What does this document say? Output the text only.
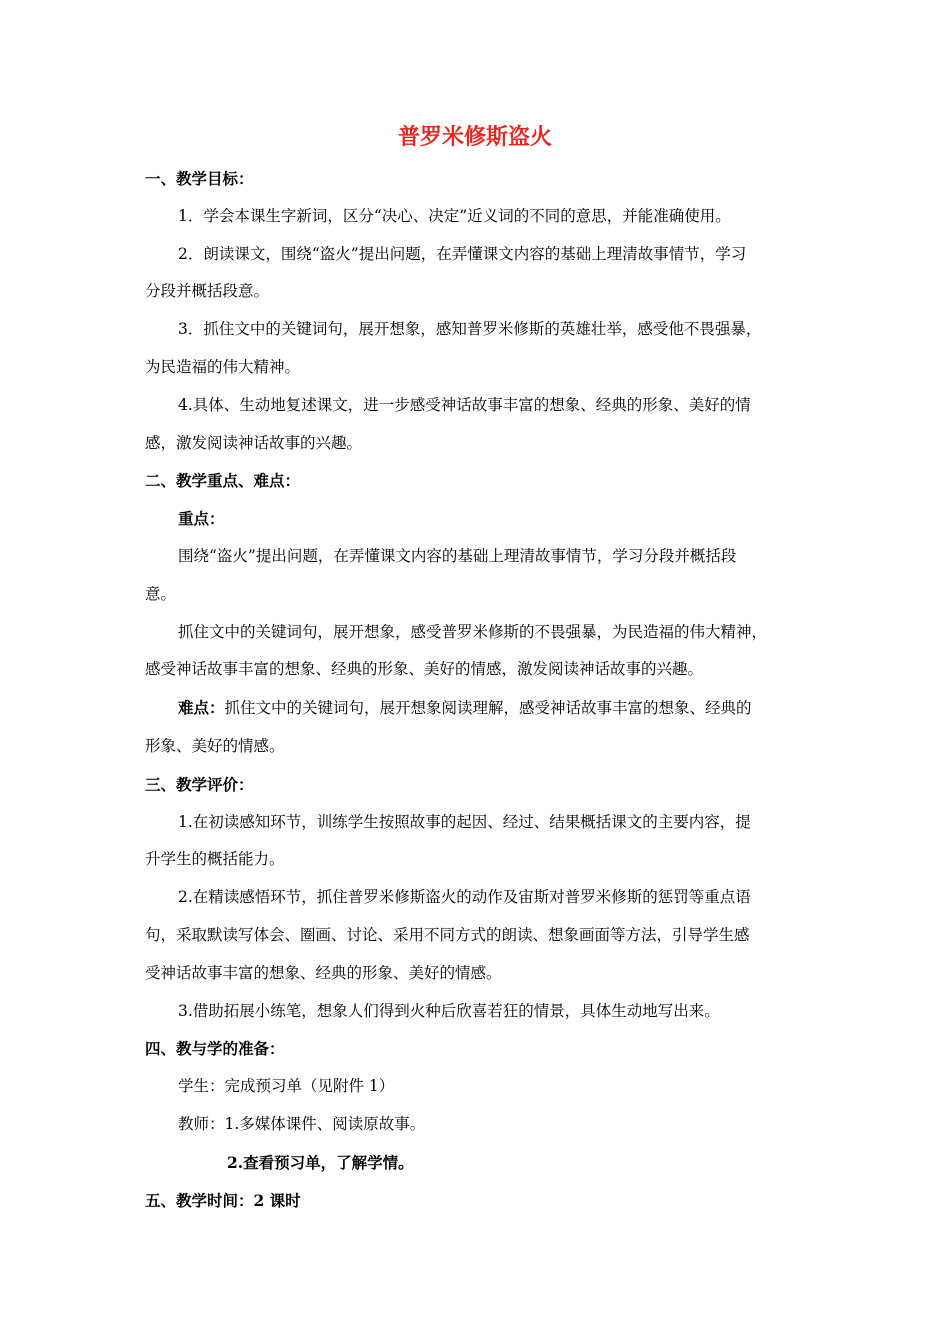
普罗米修斯盗火
一、教学目标：
1．学会本课生字新词，区分“决心、决定”近义词的不同的意思，并能准确使用。
2．朗读课文，围绕“盗火”提出问题，在弄懂课文内容的基础上理清故事情节，学习
分段并概括段意。
3．抓住文中的关键词句，展开想象，感知普罗米修斯的英雄壮举，感受他不畏强暴，
为民造福的伟大精神。
4.具体、生动地复述课文，进一步感受神话故事丰富的想象、经典的形象、美好的情
感，激发阅读神话故事的兴趣。
二、教学重点、难点：
重点：
围绕“盗火”提出问题，在弄懂课文内容的基础上理清故事情节，学习分段并概括段
意。
抓住文中的关键词句，展开想象，感受普罗米修斯的不畏强暴，为民造福的伟大精神，
感受神话故事丰富的想象、经典的形象、美好的情感，激发阅读神话故事的兴趣。
难点：抓住文中的关键词句，展开想象阅读理解，感受神话故事丰富的想象、经典的
形象、美好的情感。
三、教学评价：
1.在初读感知环节，训练学生按照故事的起因、经过、结果概括课文的主要内容，提
升学生的概括能力。
2.在精读感悟环节，抓住普罗米修斯盗火的动作及宙斯对普罗米修斯的惩罚等重点语
句，采取默读写体会、圈画、讨论、采用不同方式的朗读、想象画面等方法，引导学生感
受神话故事丰富的想象、经典的形象、美好的情感。
3.借助拓展小练笔，想象人们得到火种后欣喜若狂的情景，具体生动地写出来。
四、教与学的准备：
学生：完成预习单（见附件 1）
教师：1.多媒体课件、阅读原故事。
2.查看预习单，了解学情。
五、教学时间：2 课时
